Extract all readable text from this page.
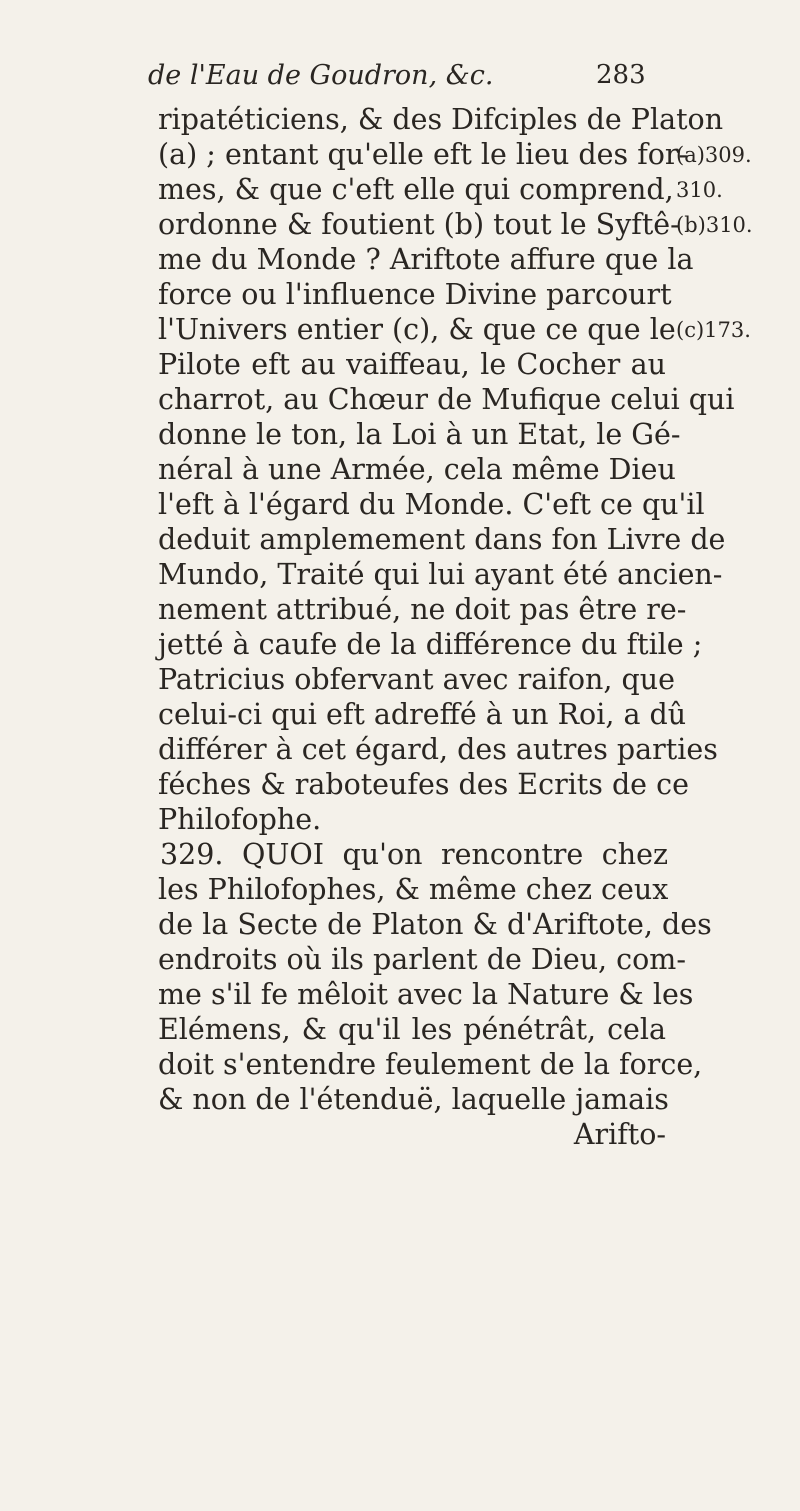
de l'Eau de Goudron, &c.	283
ripatéticiens, & des Difciples de Platon
(a) ; entant qu'elle eft le lieu des for-
(a)309.
mes, & que c'eft elle qui comprend, 310.
ordonne & foutient (b) tout le Syftê-
(b)310.
me du Monde ? Ariftote affure que la
force ou l'influence Divine parcourt
l'Univers entier (c), & que ce que le (c)173.
Pilote eft au vaiffeau, le Cocher au
charrot, au Chœur de Mufique celui qui
donne le ton, la Loi à un Etat, le Gé-
néral à une Armée, cela même Dieu
l'eft à l'égard du Monde. C'eft ce qu'il
deduit amplemement dans fon Livre de
Mundo, Traité qui lui ayant été ancien-
nement attribué, ne doit pas être re-
jetté à caufe de la différence du ftile ;
Patricius obfervant avec raifon, que
celui-ci qui eft adreffé à un Roi, a dû
différer à cet égard, des autres parties
féches & raboteufes des Ecrits de ce
Philofophe.
329. QUOI qu'on rencontre chez
les Philofophes, & même chez ceux
de la Secte de Platon & d'Ariftote, des
endroits où ils parlent de Dieu, com-
me s'il fe mêloit avec la Nature & les
Elémens, & qu'il les pénétrât, cela
doit s'entendre feulement de la force,
& non de l'étenduë, laquelle jamais
Arifto-
